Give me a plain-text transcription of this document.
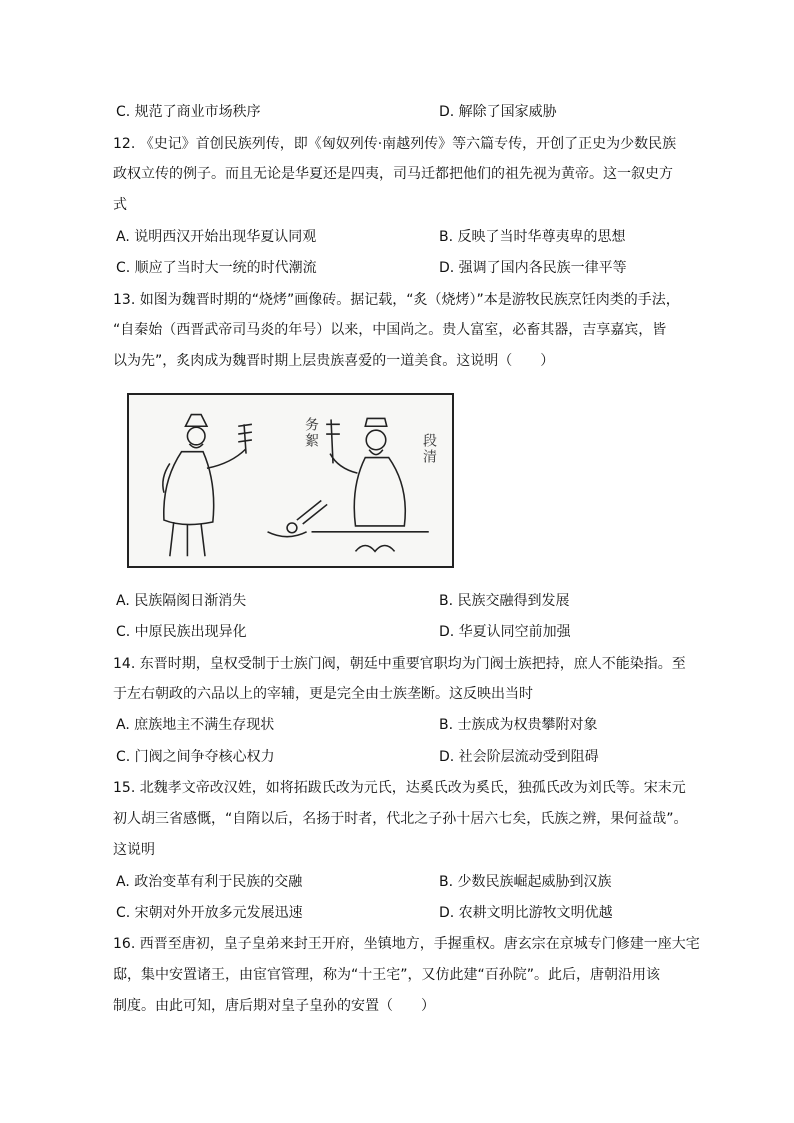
C. 规范了商业市场秩序	D. 解除了国家威胁
12. 《史记》首创民族列传，即《匈奴列传·南越列传》等六篇专传，开创了正史为少数民族
政权立传的例子。而且无论是华夏还是四夷，司马迁都把他们的祖先视为黄帝。这一叙史方
式
A. 说明西汉开始出现华夏认同观	B. 反映了当时华尊夷卑的思想
C. 顺应了当时大一统的时代潮流	D. 强调了国内各民族一律平等
13. 如图为魏晋时期的“烧烤”画像砖。据记载，“炙（烧烤）”本是游牧民族烹饪肉类的手法，
“自秦始（西晋武帝司马炎的年号）以来，中国尚之。贵人富室，必畜其器，吉享嘉宾，皆
以为先”，炙肉成为魏晋时期上层贵族喜爱的一道美食。这说明（　　）
务絮	段清
A. 民族隔阂日渐消失	B. 民族交融得到发展
C. 中原民族出现异化	D. 华夏认同空前加强
14. 东晋时期，皇权受制于士族门阀，朝廷中重要官职均为门阀士族把持，庶人不能染指。至
于左右朝政的六品以上的宰辅，更是完全由士族垄断。这反映出当时
A. 庶族地主不满生存现状	B. 士族成为权贵攀附对象
C. 门阀之间争夺核心权力	D. 社会阶层流动受到阻碍
15. 北魏孝文帝改汉姓，如将拓跋氏改为元氏，达奚氏改为奚氏，独孤氏改为刘氏等。宋末元
初人胡三省感慨，“自隋以后，名扬于时者，代北之子孙十居六七矣，氏族之辨，果何益哉”。
这说明
A. 政治变革有利于民族的交融	B. 少数民族崛起威胁到汉族
C. 宋朝对外开放多元发展迅速	D. 农耕文明比游牧文明优越
16. 西晋至唐初，皇子皇弟来封王开府，坐镇地方，手握重权。唐玄宗在京城专门修建一座大宅
邸，集中安置诸王，由宦官管理，称为“十王宅”，又仿此建“百孙院”。此后，唐朝沿用该
制度。由此可知，唐后期对皇子皇孙的安置（　　）
